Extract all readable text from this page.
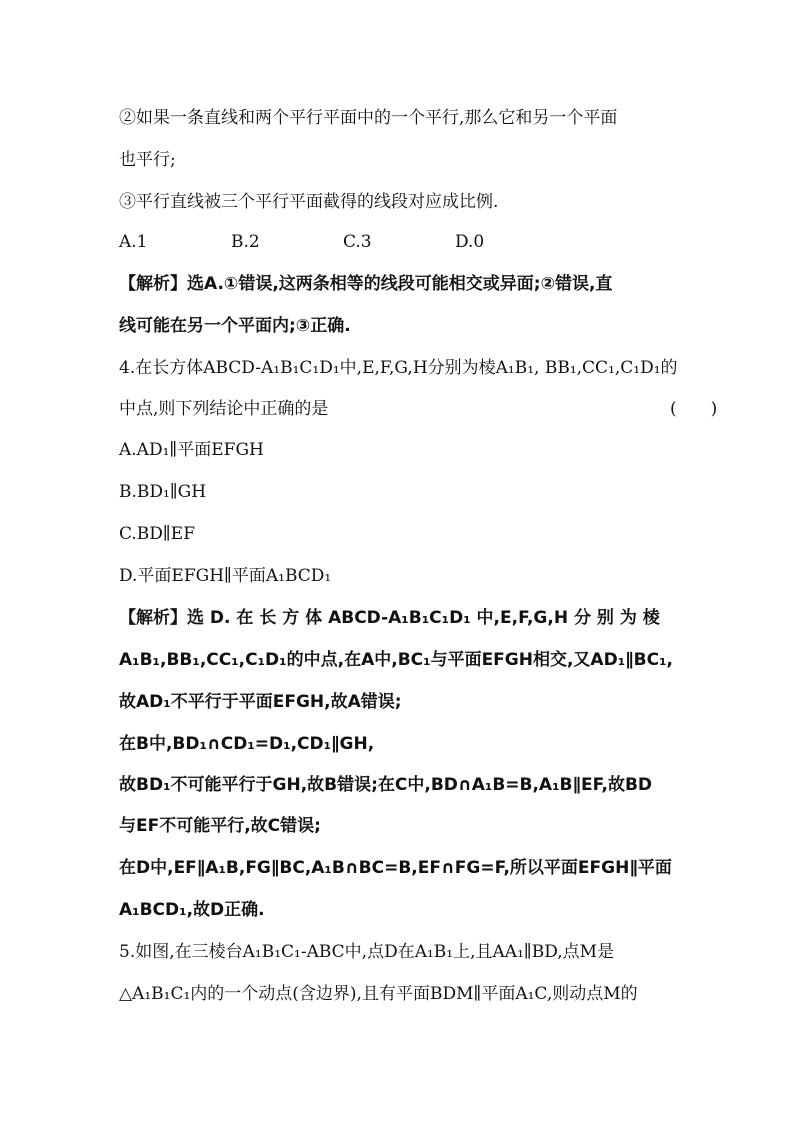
②如果一条直线和两个平行平面中的一个平行,那么它和另一个平面
也平行;
③平行直线被三个平行平面截得的线段对应成比例.
A.1	B.2	C.3	D.0
【解析】选A.①错误,这两条相等的线段可能相交或异面;②错误,直
线可能在另一个平面内;③正确.
4.在长方体ABCD-A₁B₁C₁D₁中,E,F,G,H分别为棱A₁B₁, BB₁,CC₁,C₁D₁的
中点,则下列结论中正确的是	( )
A.AD₁∥平面EFGH
B.BD₁∥GH
C.BD∥EF
D.平面EFGH∥平面A₁BCD₁
【解析】选 D. 在 长 方 体 ABCD-A₁B₁C₁D₁ 中,E,F,G,H 分 别 为 棱
A₁B₁,BB₁,CC₁,C₁D₁的中点,在A中,BC₁与平面EFGH相交,又AD₁∥BC₁,
故AD₁不平行于平面EFGH,故A错误;
在B中,BD₁∩CD₁=D₁,CD₁∥GH,
故BD₁不可能平行于GH,故B错误;在C中,BD∩A₁B=B,A₁B∥EF,故BD
与EF不可能平行,故C错误;
在D中,EF∥A₁B,FG∥BC,A₁B∩BC=B,EF∩FG=F,所以平面EFGH∥平面
A₁BCD₁,故D正确.
5.如图,在三棱台A₁B₁C₁-ABC中,点D在A₁B₁上,且AA₁∥BD,点M是
△A₁B₁C₁内的一个动点(含边界),且有平面BDM∥平面A₁C,则动点M的
